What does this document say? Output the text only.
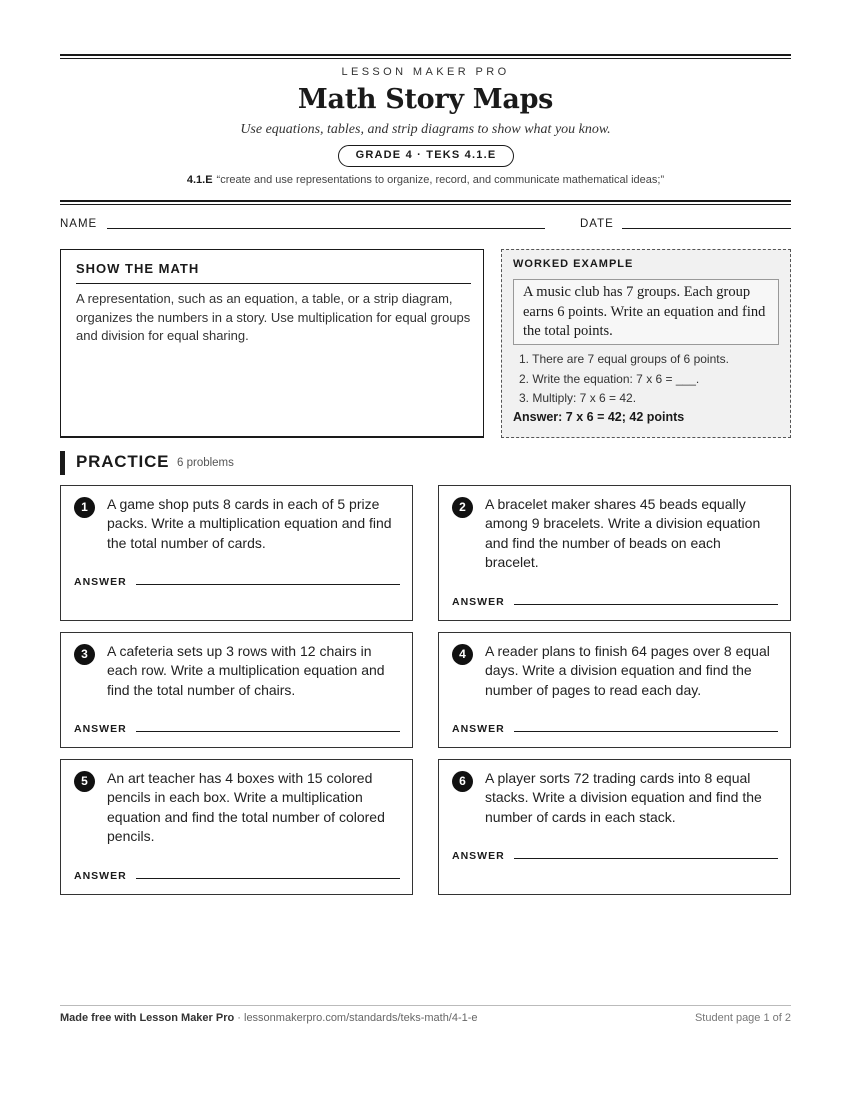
LESSON MAKER PRO
Math Story Maps
Use equations, tables, and strip diagrams to show what you know.
GRADE 4 · TEKS 4.1.E
4.1.E “create and use representations to organize, record, and communicate mathematical ideas;”
NAME	DATE
SHOW THE MATH
A representation, such as an equation, a table, or a strip diagram, organizes the numbers in a story. Use multiplication for equal groups and division for equal sharing.
WORKED EXAMPLE
A music club has 7 groups. Each group earns 6 points. Write an equation and find the total points.
1. There are 7 equal groups of 6 points.
2. Write the equation: 7 x 6 = ___.
3. Multiply: 7 x 6 = 42.
Answer: 7 x 6 = 42; 42 points
PRACTICE 6 problems
1	A game shop puts 8 cards in each of 5 prize packs. Write a multiplication equation and find the total number of cards.
ANSWER
2	A bracelet maker shares 45 beads equally among 9 bracelets. Write a division equation and find the number of beads on each bracelet.
ANSWER
3	A cafeteria sets up 3 rows with 12 chairs in each row. Write a multiplication equation and find the total number of chairs.
ANSWER
4	A reader plans to finish 64 pages over 8 equal days. Write a division equation and find the number of pages to read each day.
ANSWER
5	An art teacher has 4 boxes with 15 colored pencils in each box. Write a multiplication equation and find the total number of colored pencils.
ANSWER
6	A player sorts 72 trading cards into 8 equal stacks. Write a division equation and find the number of cards in each stack.
ANSWER
Made free with Lesson Maker Pro · lessonmakerpro.com/standards/teks-math/4-1-e	Student page 1 of 2
